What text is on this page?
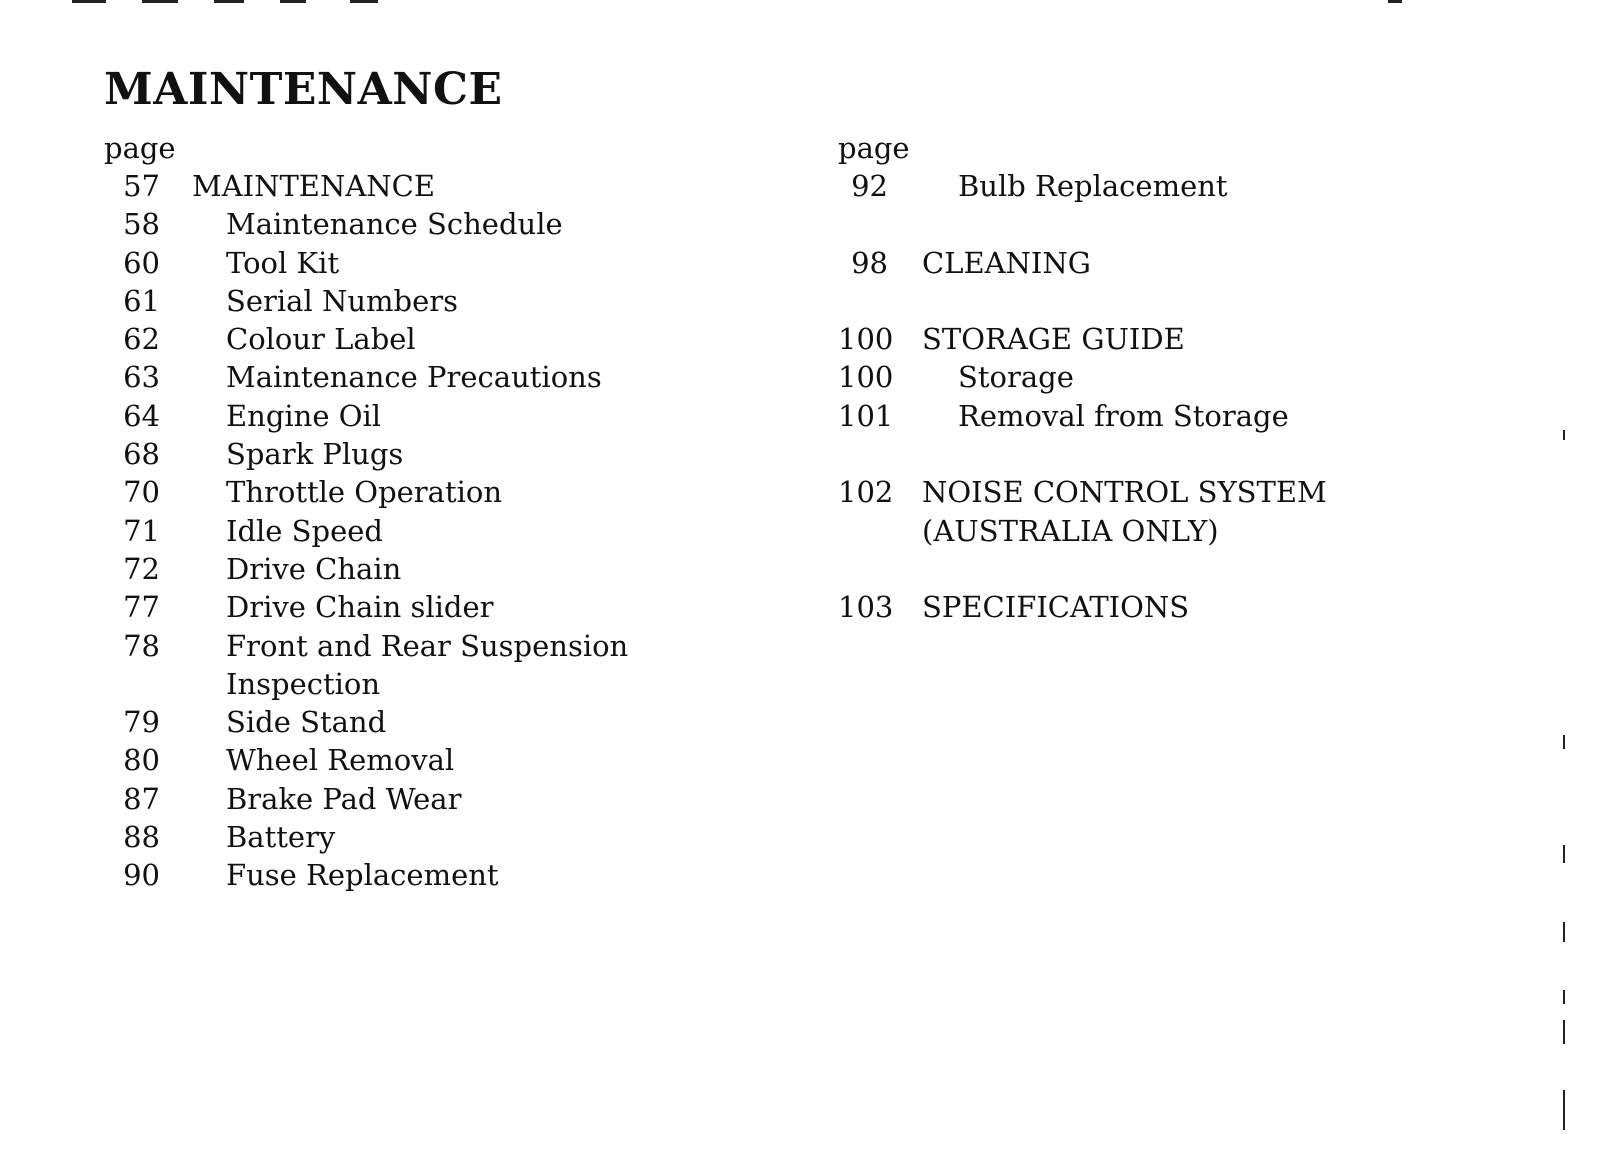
MAINTENANCE
page
57 MAINTENANCE
58 Maintenance Schedule
60 Tool Kit
61 Serial Numbers
62 Colour Label
63 Maintenance Precautions
64 Engine Oil
68 Spark Plugs
70 Throttle Operation
71 Idle Speed
72 Drive Chain
77 Drive Chain slider
78 Front and Rear Suspension
Inspection
79 Side Stand
80 Wheel Removal
87 Brake Pad Wear
88 Battery
90 Fuse Replacement
page
92 Bulb Replacement
98 CLEANING
100 STORAGE GUIDE
100 Storage
101 Removal from Storage
102 NOISE CONTROL SYSTEM
(AUSTRALIA ONLY)
103 SPECIFICATIONS
